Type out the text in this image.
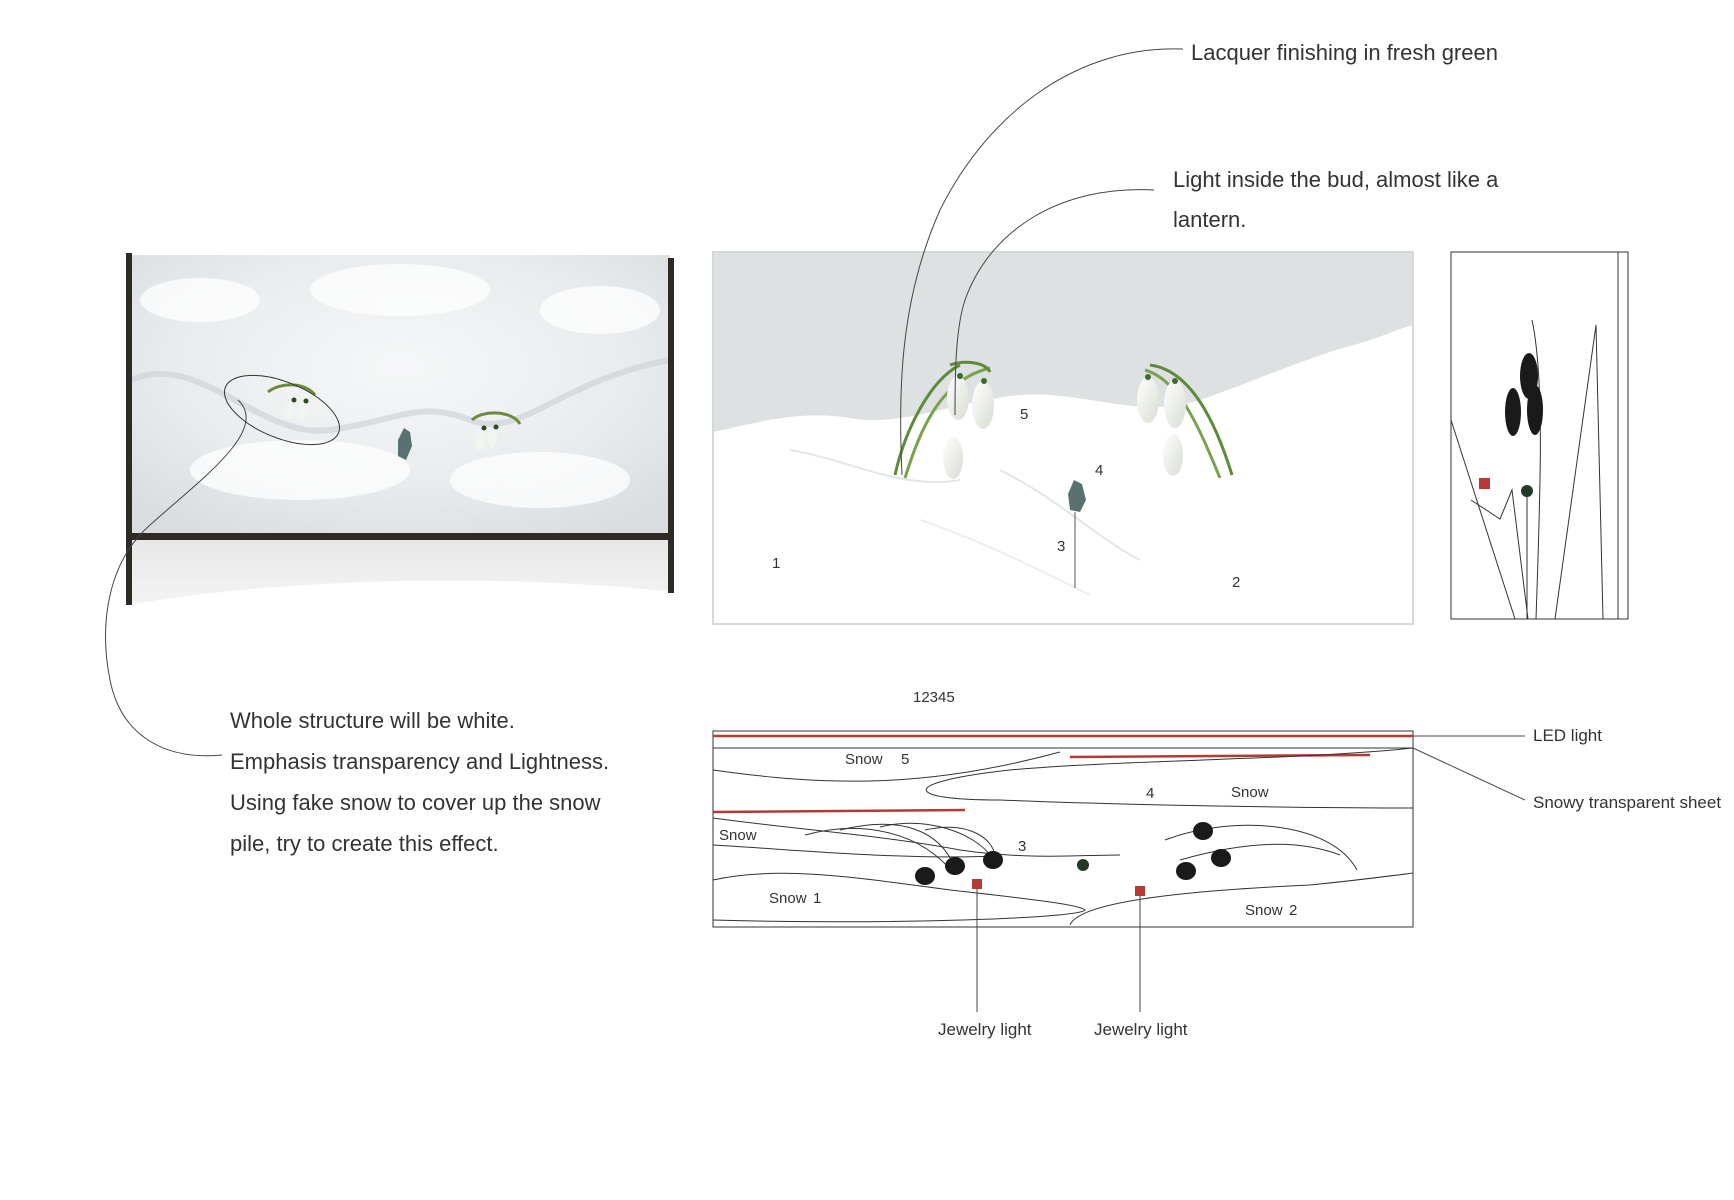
1
2
3
4
5
Lacquer finishing in fresh green
Light inside the bud, almost like a
lantern.
12345
Snow 5
4	Snow
Snow
3
Snow 1
Snow 2
LED light
Snowy transparent sheet
Jewelry light	Jewelry light
Whole structure will be white.
Emphasis transparency and Lightness.
Using fake snow to cover up the snow
pile, try to create this effect.
